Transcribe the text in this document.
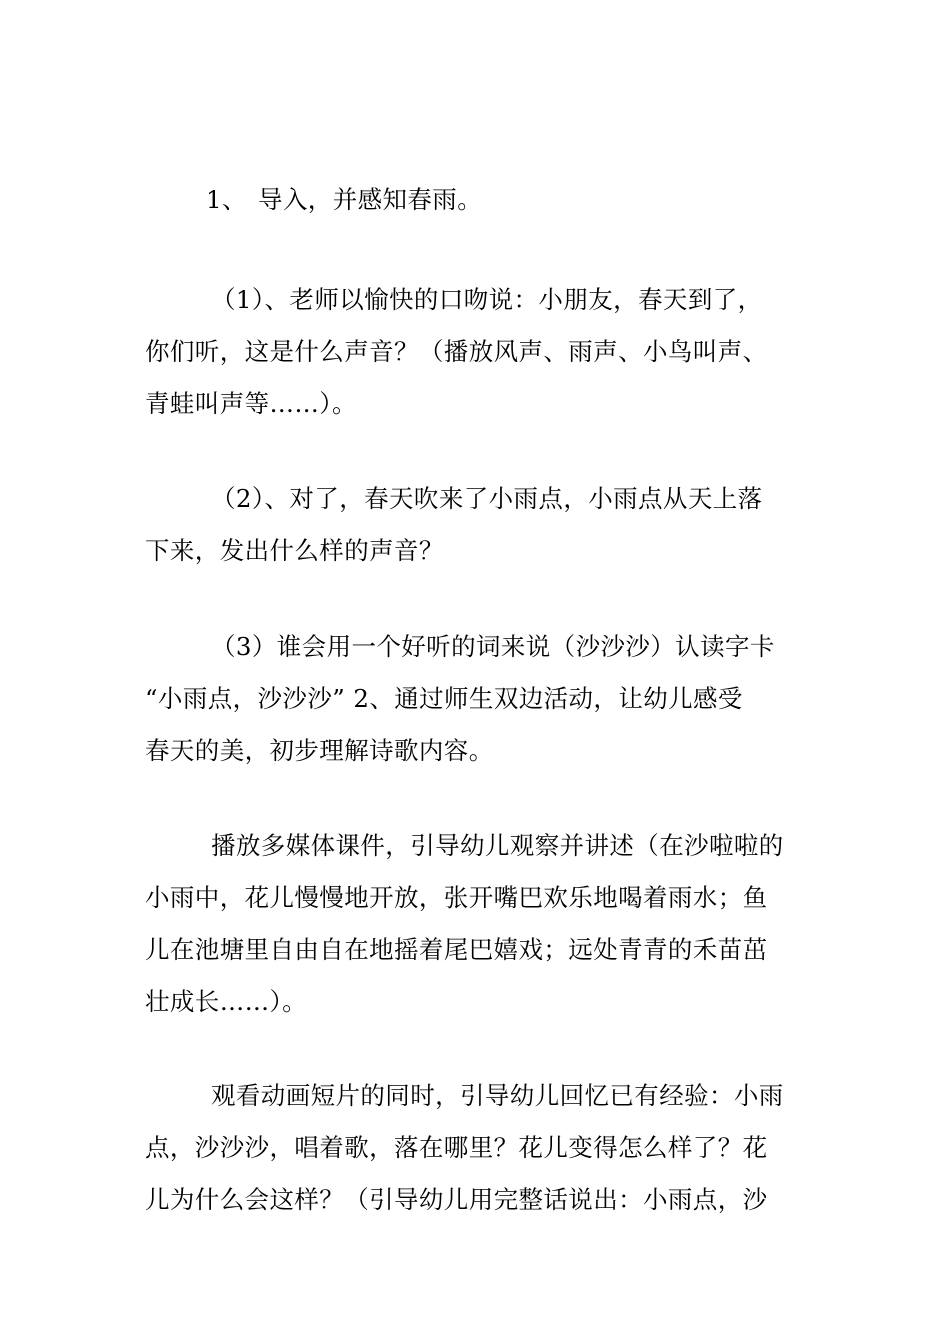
1、 导入，并感知春雨。

（1）、老师以愉快的口吻说：小朋友，春天到了，
你们听，这是什么声音？（播放风声、雨声、小鸟叫声、
青蛙叫声等……）。

（2）、对了，春天吹来了小雨点，小雨点从天上落
下来，发出什么样的声音？

（3）谁会用一个好听的词来说（沙沙沙）认读字卡
“小雨点，沙沙沙” 2、通过师生双边活动，让幼儿感受
春天的美，初步理解诗歌内容。

播放多媒体课件，引导幼儿观察并讲述（在沙啦啦的
小雨中，花儿慢慢地开放，张开嘴巴欢乐地喝着雨水；鱼
儿在池塘里自由自在地摇着尾巴嬉戏；远处青青的禾苗茁
壮成长……）。

观看动画短片的同时，引导幼儿回忆已有经验：小雨
点，沙沙沙，唱着歌，落在哪里？花儿变得怎么样了？花
儿为什么会这样？（引导幼儿用完整话说出：小雨点，沙
